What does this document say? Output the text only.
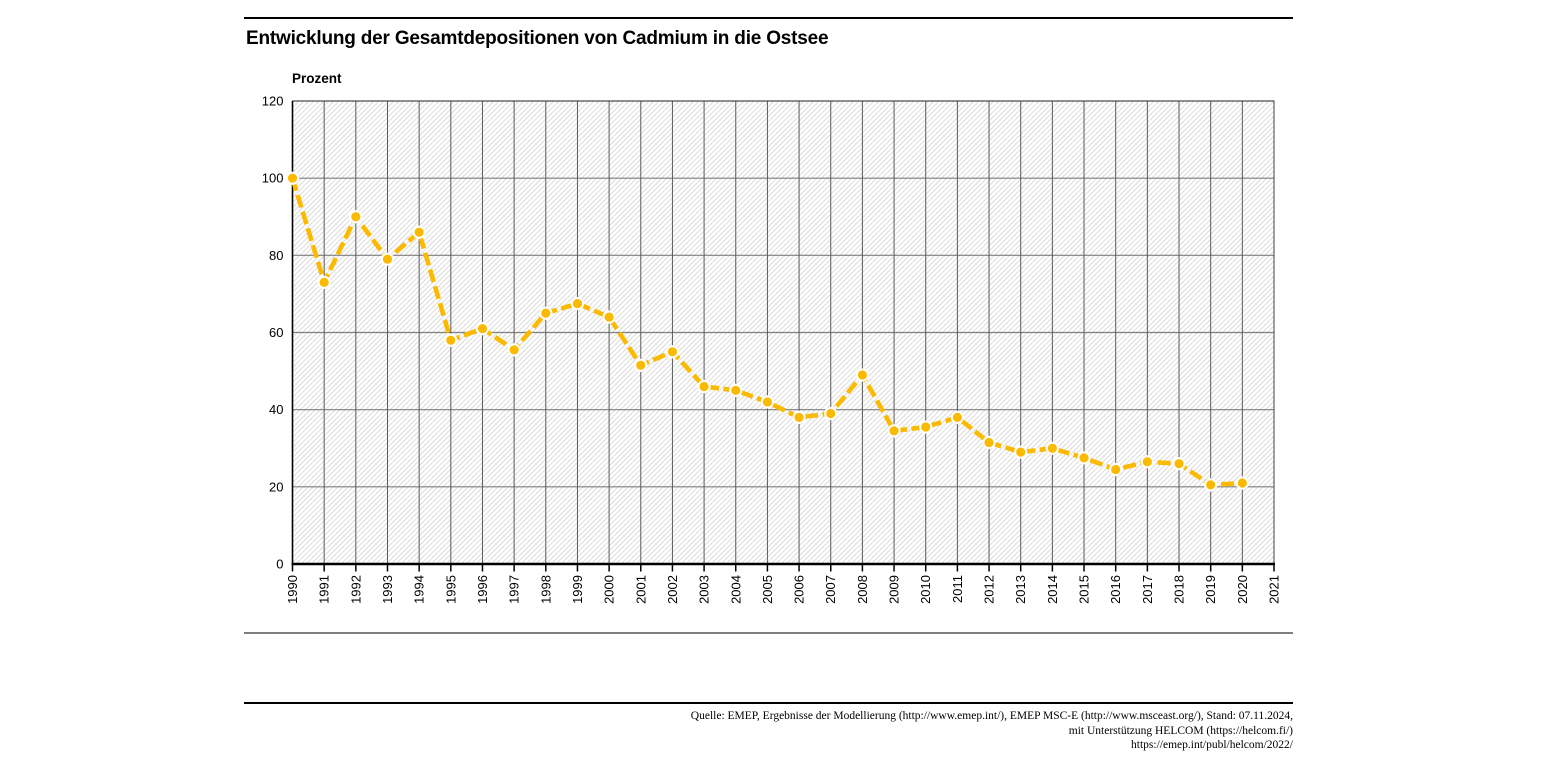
Entwicklung der Gesamtdepositionen von Cadmium in die Ostsee
Prozent
1990 1991 1992 1993 1994 1995 1996 1997 1998 1999 2000 2001 2002 2003 2004 2005 2006 2007 2008 2009 2010 2011 2012 2013 2014 2015 2016 2017 2018 2019 2020 2021
0
20
40
60
80
100
120
Quelle: EMEP, Ergebnisse der Modellierung (http://www.emep.int/), EMEP MSC-E (http://www.msceast.org/), Stand: 07.11.2024,
mit Unterstützung HELCOM (https://helcom.fi/)
https://emep.int/publ/helcom/2022/
